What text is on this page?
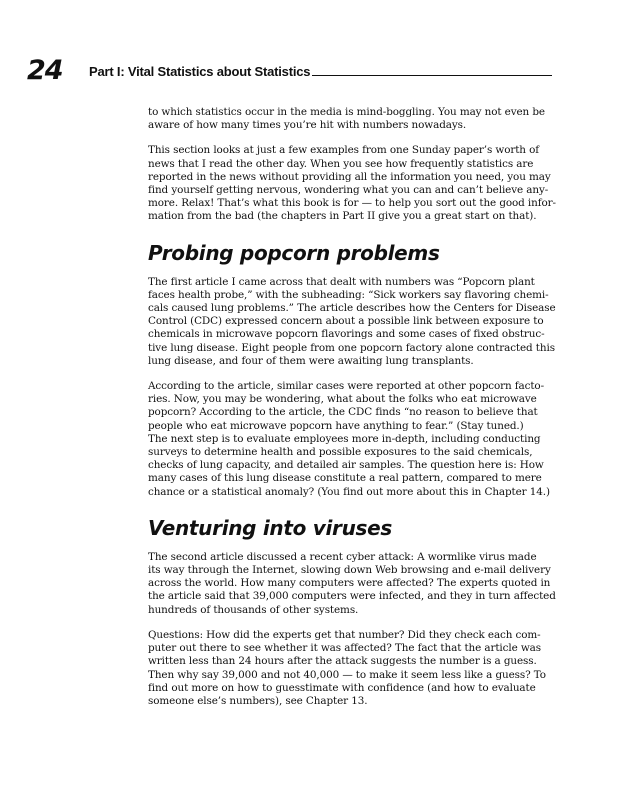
24 Part I: Vital Statistics about Statistics

to which statistics occur in the media is mind-boggling. You may not even be
aware of how many times you’re hit with numbers nowadays.

This section looks at just a few examples from one Sunday paper’s worth of
news that I read the other day. When you see how frequently statistics are
reported in the news without providing all the information you need, you may
find yourself getting nervous, wondering what you can and can’t believe any-
more. Relax! That’s what this book is for — to help you sort out the good infor-
mation from the bad (the chapters in Part II give you a great start on that).

Probing popcorn problems

The first article I came across that dealt with numbers was “Popcorn plant
faces health probe,” with the subheading: “Sick workers say flavoring chemi-
cals caused lung problems.” The article describes how the Centers for Disease
Control (CDC) expressed concern about a possible link between exposure to
chemicals in microwave popcorn flavorings and some cases of fixed obstruc-
tive lung disease. Eight people from one popcorn factory alone contracted this
lung disease, and four of them were awaiting lung transplants.

According to the article, similar cases were reported at other popcorn facto-
ries. Now, you may be wondering, what about the folks who eat microwave
popcorn? According to the article, the CDC finds “no reason to believe that
people who eat microwave popcorn have anything to fear.” (Stay tuned.)
The next step is to evaluate employees more in-depth, including conducting
surveys to determine health and possible exposures to the said chemicals,
checks of lung capacity, and detailed air samples. The question here is: How
many cases of this lung disease constitute a real pattern, compared to mere
chance or a statistical anomaly? (You find out more about this in Chapter 14.)

Venturing into viruses

The second article discussed a recent cyber attack: A wormlike virus made
its way through the Internet, slowing down Web browsing and e-mail delivery
across the world. How many computers were affected? The experts quoted in
the article said that 39,000 computers were infected, and they in turn affected
hundreds of thousands of other systems.

Questions: How did the experts get that number? Did they check each com-
puter out there to see whether it was affected? The fact that the article was
written less than 24 hours after the attack suggests the number is a guess.
Then why say 39,000 and not 40,000 — to make it seem less like a guess? To
find out more on how to guesstimate with confidence (and how to evaluate
someone else’s numbers), see Chapter 13.
